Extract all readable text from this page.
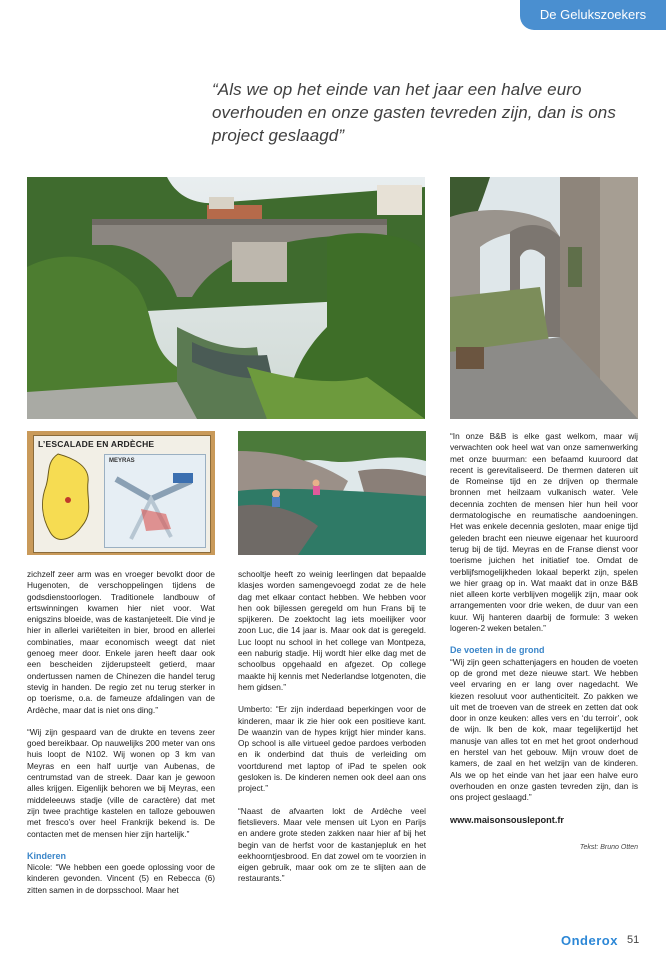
De Gelukszoekers
“Als we op het einde van het jaar een halve euro overhouden en onze gasten tevreden zijn, dan is ons project geslaagd”
L’ESCALADE EN ARDÈCHE
MEYRAS

zichzelf zeer arm was en vroeger bevolkt door de Hugenoten, de verschoppelingen tijdens de godsdienstoorlogen. Traditionele landbouw of ertswinningen kwamen hier niet voor. Wat enigszins bloeide, was de kastanjeteelt. Die vind je hier in allerlei variëteiten in bier, brood en allerlei combinaties, maar economisch weegt dat niet genoeg meer door. Enkele jaren heeft daar ook een bescheiden zijderupsteelt getierd, maar ondertussen namen de Chinezen die handel terug stevig in handen. De regio zet nu terug sterker in op toerisme, o.a. de fameuze afdalingen van de Ardèche, maar dat is niet ons ding.”

“Wij zijn gespaard van de drukte en tevens zeer goed bereikbaar. Op nauwelijks 200 meter van ons huis loopt de N102. Wij wonen op 3 km van Meyras en een half uurtje van Aubenas, de centrumstad van de streek. Daar kan je gewoon alles krijgen. Eigenlijk behoren we bij Meyras, een middeleeuws stadje (ville de caractère) dat met zijn twee prachtige kastelen en talloze gebouwen met fresco’s over heel Frankrijk bekend is. De contacten met de mensen hier zijn hartelijk.”

Kinderen

Nicole: “We hebben een goede oplossing voor de kinderen gevonden. Vincent (5) en Rebecca (6) zitten samen in de dorpsschool. Maar het

schooltje heeft zo weinig leerlingen dat bepaalde klasjes worden samengevoegd zodat ze de hele dag met elkaar contact hebben. We hebben voor hen ook bijlessen geregeld om hun Frans bij te spijkeren. De zoektocht lag iets moeilijker voor zoon Luc, die 14 jaar is. Maar ook dat is geregeld. Luc loopt nu school in het college van Montpeza, een naburig stadje. Hij wordt hier elke dag met de schoolbus opgehaald en afgezet. Op college maakte hij kennis met Nederlandse lotgenoten, die hem gidsen.”

Umberto: “Er zijn inderdaad beperkingen voor de kinderen, maar ik zie hier ook een positieve kant. De waanzin van de hypes krijgt hier minder kans. Op school is alle virtueel gedoe pardoes verboden en ik onderbind dat thuis de verleiding om voortdurend met laptop of iPad te spelen ook gesloken is. De kinderen nemen ook deel aan ons project.”

“Naast de afvaarten lokt de Ardèche veel fietslievers. Maar vele mensen uit Lyon en Parijs en andere grote steden zakken naar hier af bij het begin van de herfst voor de kastanjepluk en het eekhoorntjesbrood. En dat zowel om te voorzien in eigen gebruik, maar ook om ze te slijten aan de restaurants.”

“In onze B&B is elke gast welkom, maar wij verwachten ook heel wat van onze samenwerking met onze buurman: een befaamd kuuroord dat recent is gerevitaliseerd. De thermen dateren uit de Romeinse tijd en ze drijven op thermale bronnen met heilzaam vulkanisch water. Vele decennia zochten de mensen hier hun heil voor dermatologische en reumatische aandoeningen. Het was enkele decennia gesloten, maar enige tijd geleden bracht een nieuwe eigenaar het kuuroord terug bij de tijd. Meyras en de Franse dienst voor toerisme juichen het initiatief toe. Omdat de verblijfsmogelijkheden lokaal beperkt zijn, spelen we hier graag op in. Wat maakt dat in onze B&B niet alleen korte verblijven mogelijk zijn, maar ook arrangementen voor drie weken, de duur van een kuur. Wij hanteren daarbij de formule: 3 weken logeren-2 weken betalen.”

De voeten in de grond

“Wij zijn geen schattenjagers en houden de voeten op de grond met deze nieuwe start. We hebben veel ervaring en er lang over nagedacht. We kiezen resoluut voor authenticiteit. Zo pakken we uit met de troeven van de streek en zetten dat ook door in onze keuken: alles vers en ‘du terroir’, ook de wijn. Ik ben de kok, maar tegelijkertijd het manusje van alles tot en met het groot onderhoud en herstel van het gebouw. Mijn vrouw doet de kamers, de zaal en het welzijn van de kinderen. Als we op het einde van het jaar een halve euro overhouden en onze gasten tevreden zijn, dan is ons project geslaagd.”

www.maisonsouslepont.fr
Tekst: Bruno Otten
Onderox 51
